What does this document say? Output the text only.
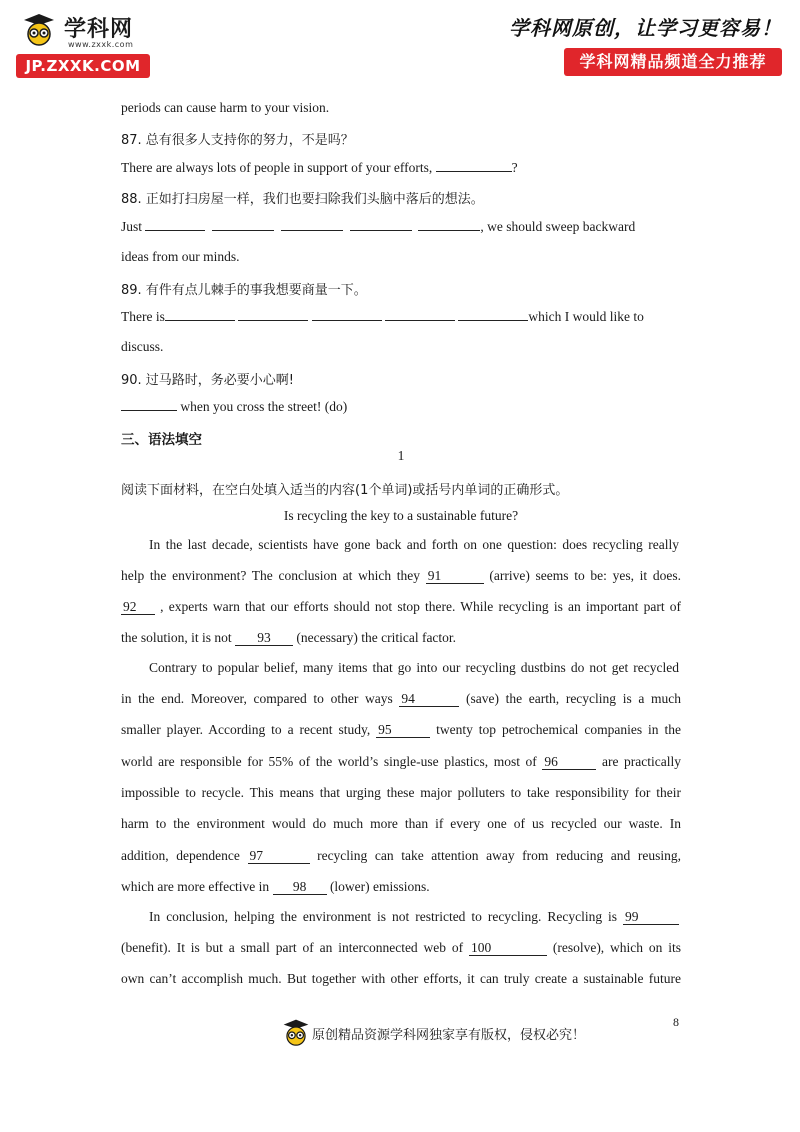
学科网
www.zxxk.com
JP.ZXXK.COM
学科网原创，让学习更容易！
学科网精品频道全力推荐
periods can cause harm to your vision.
87. 总有很多人支持你的努力，不是吗？
There are always lots of people in support of your efforts,	?
88. 正如打扫房屋一样，我们也要扫除我们头脑中落后的想法。
Just	, we should sweep backward
ideas from our minds.
89. 有件有点儿棘手的事我想要商量一下。
There is	which I would like to
discuss.
90. 过马路时，务必要小心啊!
when you cross the street! (do)
三、语法填空
1
阅读下面材料，在空白处填入适当的内容(1个单词)或括号内单词的正确形式。
Is recycling the key to a sustainable future?
In the last decade, scientists have gone back and forth on one question: does recycling really
help the environment? The conclusion at which they 91	(arrive) seems to be: yes, it does.
92 , experts warn that our efforts should not stop there. While recycling is an important part of
the solution, it is not 93 (necessary) the critical factor.
Contrary to popular belief, many items that go into our recycling dustbins do not get recycled
in the end. Moreover, compared to other ways 94	(save) the earth, recycling is a much
smaller player. According to a recent study, 95	twenty top petrochemical companies in the
world are responsible for 55% of the world’s single-use plastics, most of 96	are practically
impossible to recycle. This means that urging these major polluters to take responsibility for their
harm to the environment would do much more than if every one of us recycled our waste. In
addition, dependence 97	recycling can take attention away from reducing and reusing,
which are more effective in 98 (lower) emissions.
In conclusion, helping the environment is not restricted to recycling. Recycling is 99
(benefit). It is but a small part of an interconnected web of 100	(resolve), which on its
own can’t accomplish much. But together with other efforts, it can truly create a sustainable future
原创精品资源学科网独家享有版权，侵权必究！
8
